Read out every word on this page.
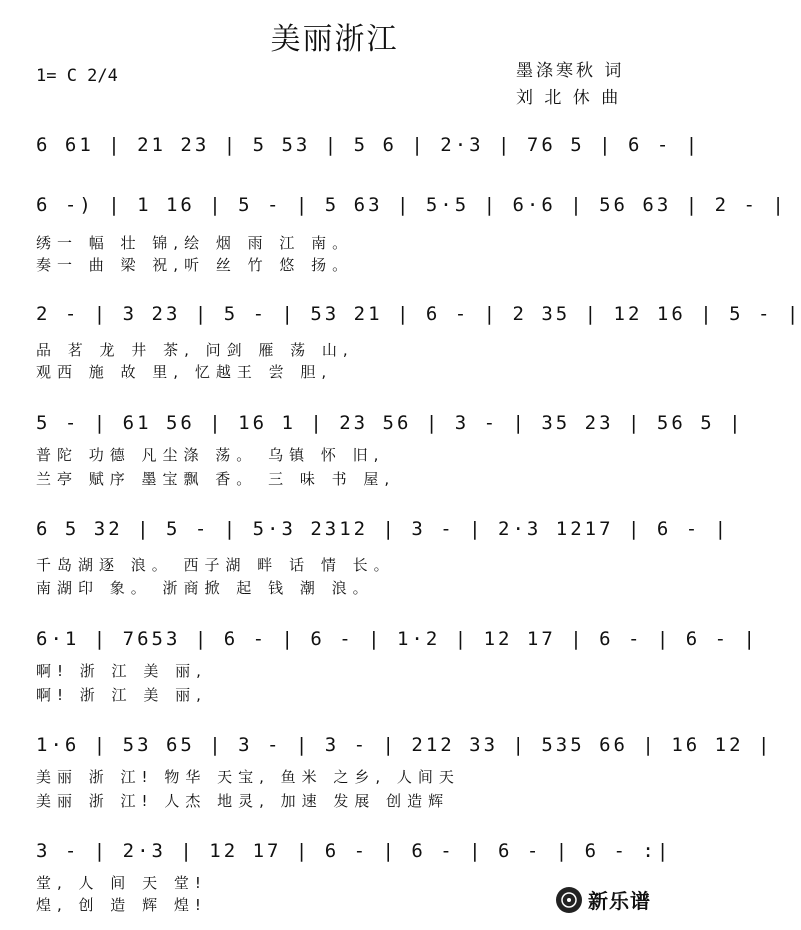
美丽浙江
1= C 2/4	墨涤寒秋 词
刘 北 休 曲
6 61 | 21 23 | 5 53 | 5 6 | 2·3 | 76 5 | 6 - |
6 -) | 1 16 | 5 - | 5 63 | 5·5 | 6·6 | 56 63 | 2 - |
绣一 幅 壮 锦,绘 烟 雨 江 南。
奏一 曲 梁 祝,听 丝 竹 悠 扬。
2 - | 3 23 | 5 - | 53 21 | 6 - | 2 35 | 12 16 | 5 - |
品 茗 龙 井 茶, 问剑 雁 荡 山,
观西 施 故 里, 忆越王 尝 胆,
5 - | 61 56 | 16 1 | 23 56 | 3 - | 35 23 | 56 5 |
普陀 功德 凡尘涤 荡。 乌镇 怀 旧,
兰亭 赋序 墨宝飘 香。 三 味 书 屋,
6 5 32 | 5 - | 5·3 2312 | 3 - | 2·3 1217 | 6 - |
千岛湖逐 浪。 西子湖 畔 话 情 长。
南湖印 象。 浙商掀 起 钱 潮 浪。
6·1 | 7653 | 6 - | 6 - | 1·2 | 12 17 | 6 - | 6 - |
啊! 浙 江 美 丽,
啊! 浙 江 美 丽,
1·6 | 53 65 | 3 - | 3 - | 212 33 | 535 66 | 16 12 |
美丽 浙 江! 物华 天宝, 鱼米 之乡, 人间天
美丽 浙 江! 人杰 地灵, 加速 发展 创造辉
3 - | 2·3 | 12 17 | 6 - | 6 - | 6 - | 6 - :|
堂, 人 间 天 堂!
煌, 创 造 辉 煌!	新乐谱
